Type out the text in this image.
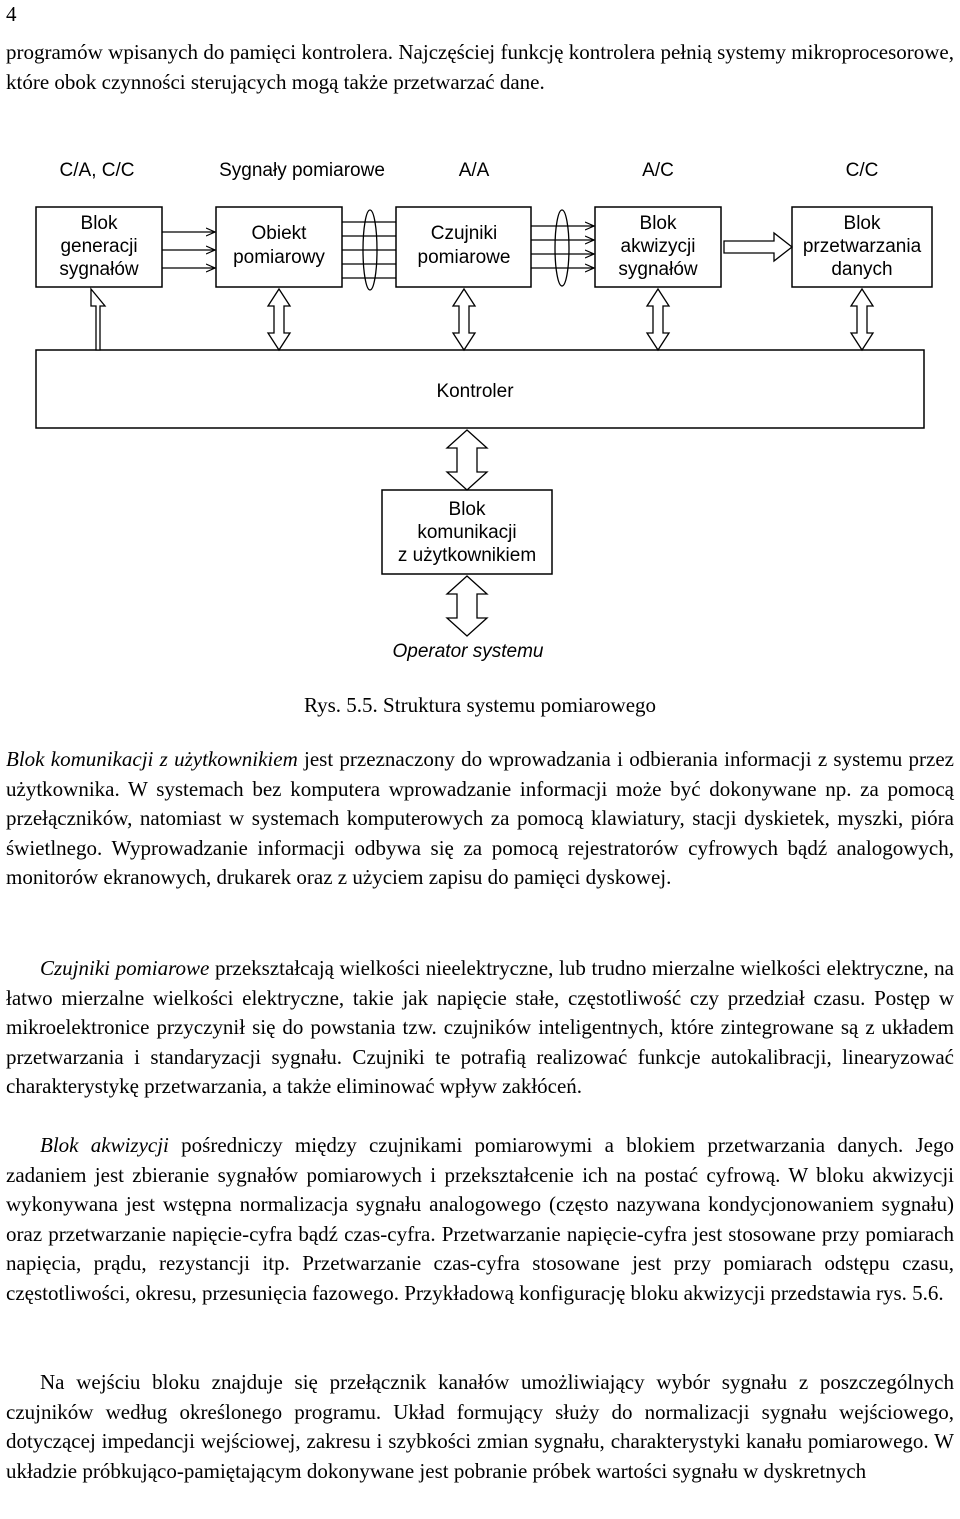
4

programów wpisanych do pamięci kontrolera. Najczęściej funkcję kontrolera pełnią systemy mikroprocesorowe, które obok czynności sterujących mogą także przetwarzać dane.

C/A, C/C	Sygnały pomiarowe	A/A	A/C	C/C
Blok
generacji
sygnałów
Obiekt
pomiarowy
Czujniki
pomiarowe
Blok
akwizycji
sygnałów
Blok
przetwarzania
danych
Kontroler
Blok
komunikacji
z użytkownikiem
Operator systemu
Rys. 5.5. Struktura systemu pomiarowego

Blok komunikacji z użytkownikiem jest przeznaczony do wprowadzania i odbierania informacji z systemu przez użytkownika. W systemach bez komputera wprowadzanie informacji może być dokonywane np. za pomocą przełączników, natomiast w systemach komputerowych za pomocą klawiatury, stacji dyskietek, myszki, pióra świetlnego. Wyprowadzanie informacji odbywa się za pomocą rejestratorów cyfrowych bądź analogowych, monitorów ekranowych, drukarek oraz z użyciem zapisu do pamięci dyskowej.

Czujniki pomiarowe przekształcają wielkości nieelektryczne, lub trudno mierzalne wielkości elektryczne, na łatwo mierzalne wielkości elektryczne, takie jak napięcie stałe, częstotliwość czy przedział czasu. Postęp w mikroelektronice przyczynił się do powstania tzw. czujników inteligentnych, które zintegrowane są z układem przetwarzania i standaryzacji sygnału. Czujniki te potrafią realizować funkcje autokalibracji, linearyzować charakterystykę przetwarzania, a także eliminować wpływ zakłóceń.

Blok akwizycji pośredniczy między czujnikami pomiarowymi a blokiem przetwarzania danych. Jego zadaniem jest zbieranie sygnałów pomiarowych i przekształcenie ich na postać cyfrową. W bloku akwizycji wykonywana jest wstępna normalizacja sygnału analogowego (często nazywana kondycjonowaniem sygnału) oraz przetwarzanie napięcie-cyfra bądź czas-cyfra. Przetwarzanie napięcie-cyfra jest stosowane przy pomiarach napięcia, prądu, rezystancji itp. Przetwarzanie czas-cyfra stosowane jest przy pomiarach odstępu czasu, częstotliwości, okresu, przesunięcia fazowego. Przykładową konfigurację bloku akwizycji przedstawia rys. 5.6.

Na wejściu bloku znajduje się przełącznik kanałów umożliwiający wybór sygnału z poszczególnych czujników według określonego programu. Układ formujący służy do normalizacji sygnału wejściowego, dotyczącej impedancji wejściowej, zakresu i szybkości zmian sygnału, charakterystyki kanału pomiarowego. W układzie próbkująco-pamiętającym dokonywane jest pobranie próbek wartości sygnału w dyskretnych
